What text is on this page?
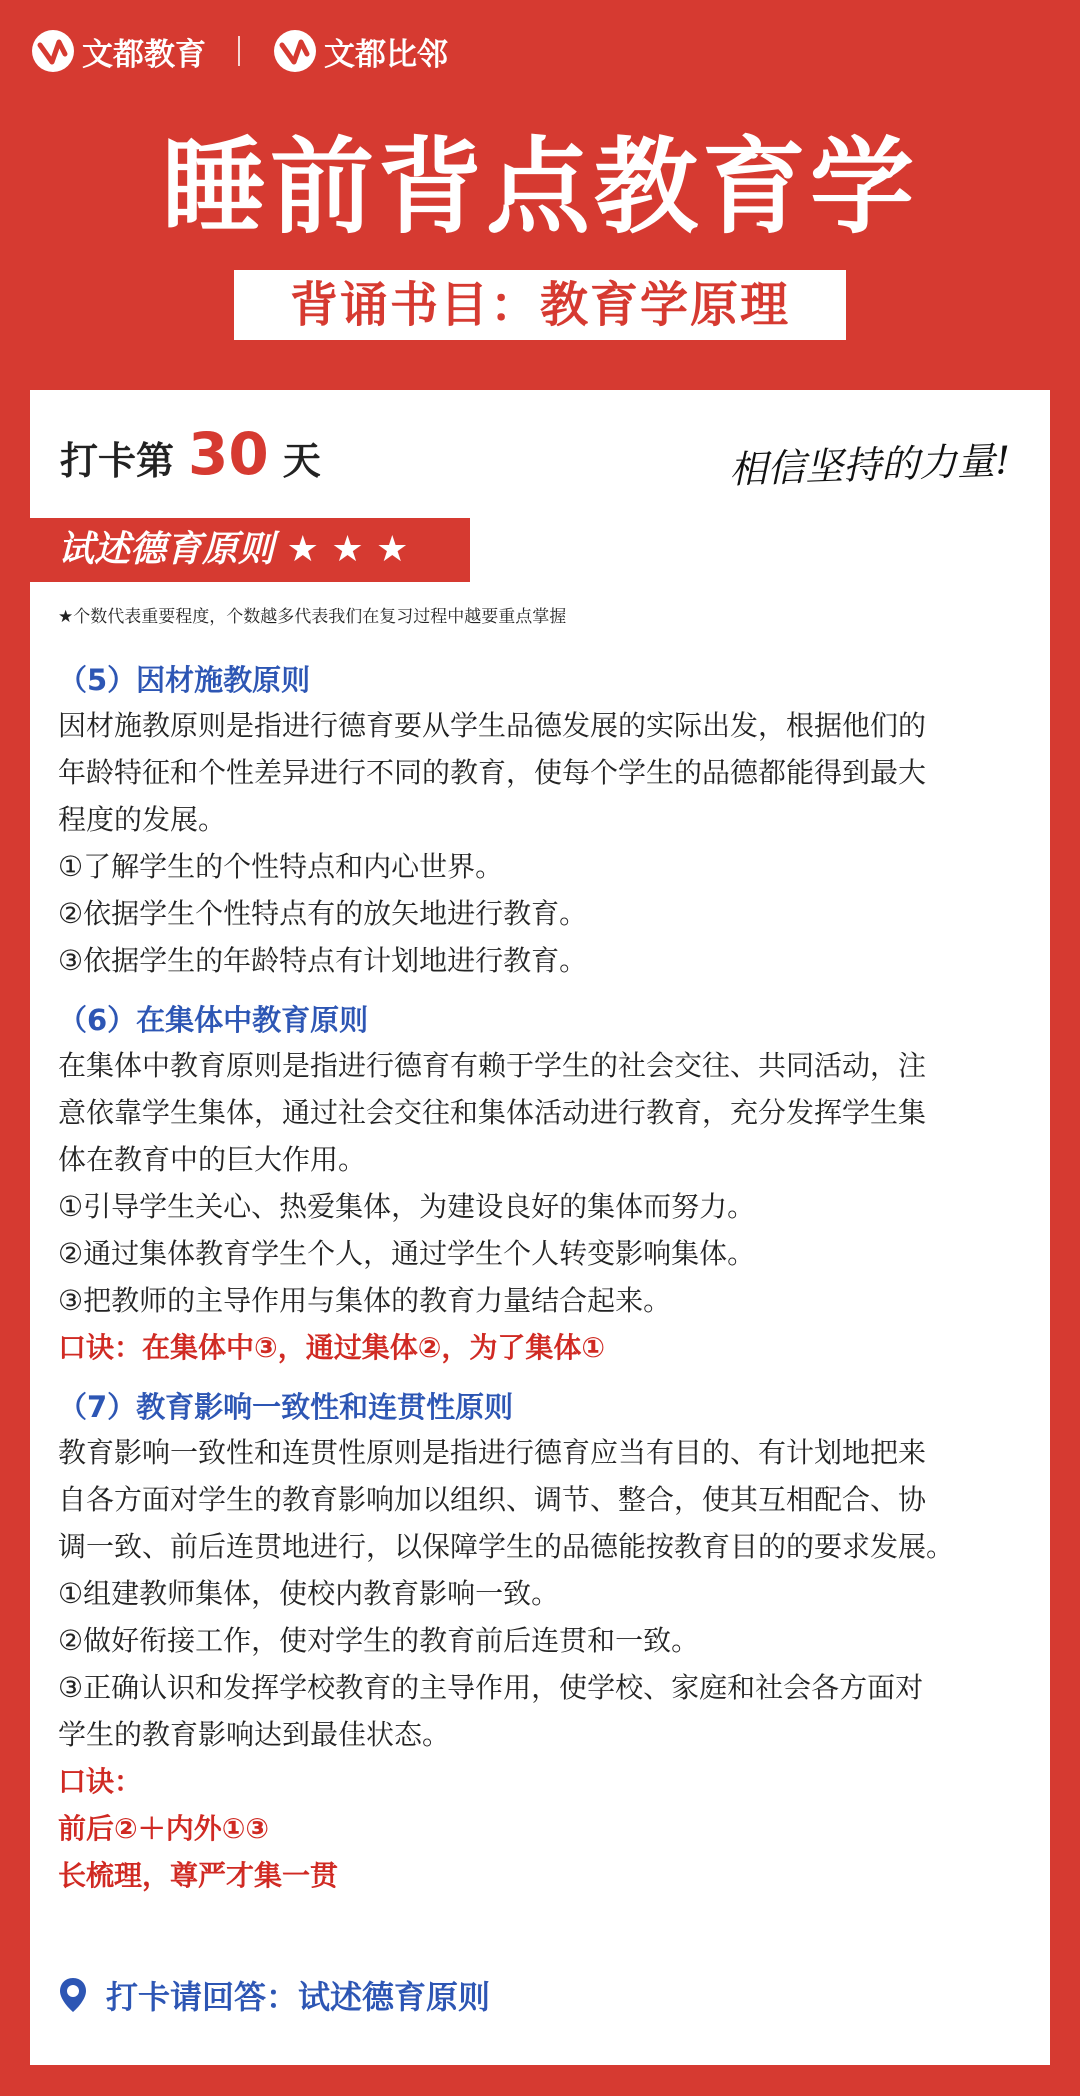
文都教育	文都比邻
睡前背点教育学
背诵书目：教育学原理
打卡第 30 天	相信坚持的力量!
试述德育原则 ★ ★ ★
★个数代表重要程度，个数越多代表我们在复习过程中越要重点掌握
（5）因材施教原则
因材施教原则是指进行德育要从学生品德发展的实际出发，根据他们的
年龄特征和个性差异进行不同的教育，使每个学生的品德都能得到最大
程度的发展。
①了解学生的个性特点和内心世界。
②依据学生个性特点有的放矢地进行教育。
③依据学生的年龄特点有计划地进行教育。
（6）在集体中教育原则
在集体中教育原则是指进行德育有赖于学生的社会交往、共同活动，注
意依靠学生集体，通过社会交往和集体活动进行教育，充分发挥学生集
体在教育中的巨大作用。
①引导学生关心、热爱集体，为建设良好的集体而努力。
②通过集体教育学生个人，通过学生个人转变影响集体。
③把教师的主导作用与集体的教育力量结合起来。
口诀：在集体中③，通过集体②，为了集体①
（7）教育影响一致性和连贯性原则
教育影响一致性和连贯性原则是指进行德育应当有目的、有计划地把来
自各方面对学生的教育影响加以组织、调节、整合，使其互相配合、协
调一致、前后连贯地进行，以保障学生的品德能按教育目的的要求发展。
①组建教师集体，使校内教育影响一致。
②做好衔接工作，使对学生的教育前后连贯和一致。
③正确认识和发挥学校教育的主导作用，使学校、家庭和社会各方面对
学生的教育影响达到最佳状态。
口诀：
前后②＋内外①③
长梳理，尊严才集一贯
打卡请回答：试述德育原则
